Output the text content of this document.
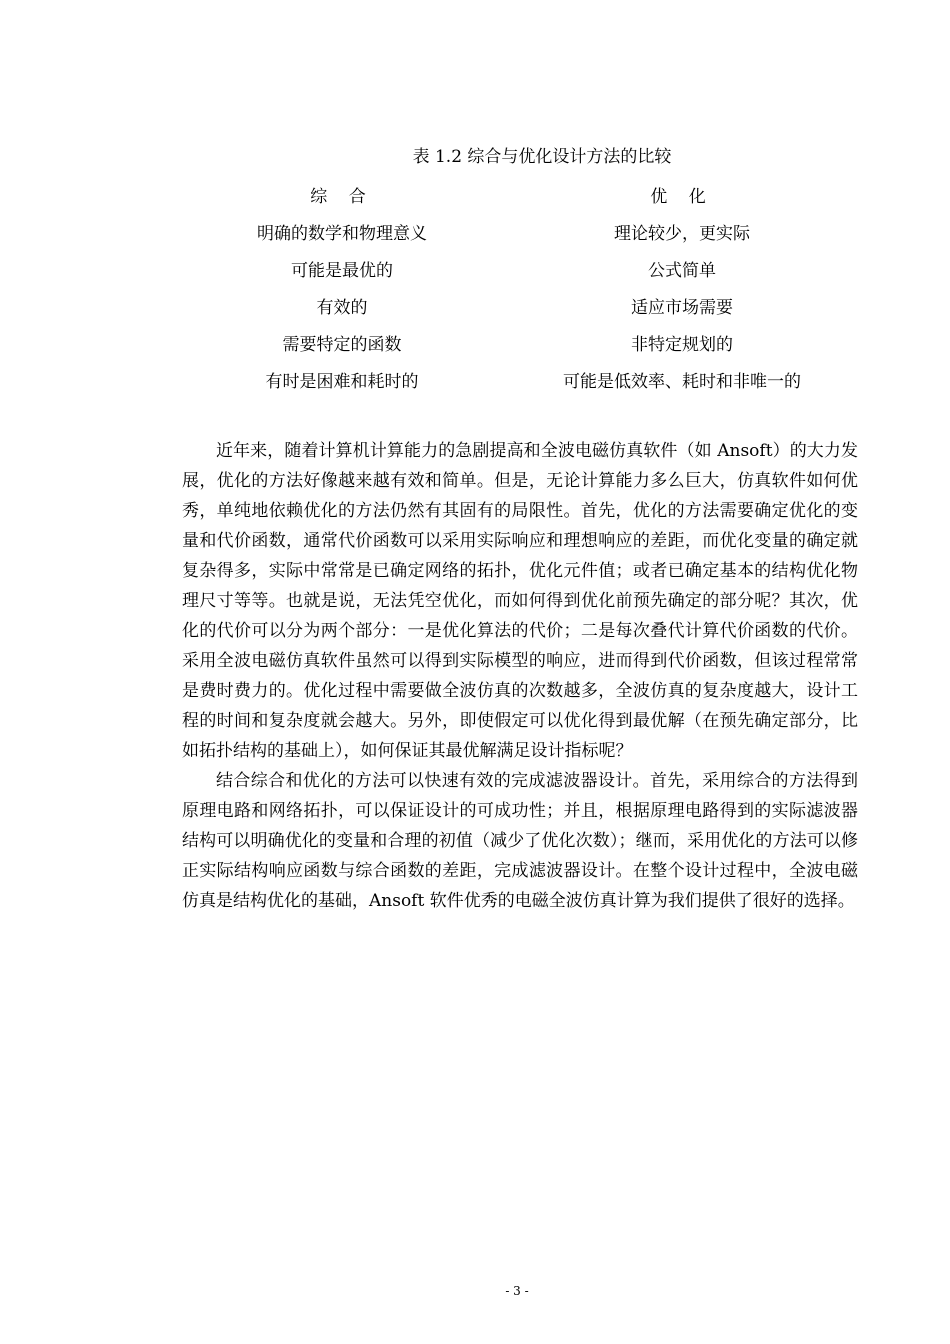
表 1.2 综合与优化设计方法的比较
综 合	优 化
明确的数学和物理意义	理论较少，更实际
可能是最优的	公式简单
有效的	适应市场需要
需要特定的函数	非特定规划的
有时是困难和耗时的	可能是低效率、耗时和非唯一的

近年来，随着计算机计算能力的急剧提高和全波电磁仿真软件（如 Ansoft）的大力发展，优化的方法好像越来越有效和简单。但是，无论计算能力多么巨大，仿真软件如何优秀，单纯地依赖优化的方法仍然有其固有的局限性。首先，优化的方法需要确定优化的变量和代价函数，通常代价函数可以采用实际响应和理想响应的差距，而优化变量的确定就复杂得多，实际中常常是已确定网络的拓扑，优化元件值；或者已确定基本的结构优化物理尺寸等等。也就是说，无法凭空优化，而如何得到优化前预先确定的部分呢？其次，优化的代价可以分为两个部分：一是优化算法的代价；二是每次叠代计算代价函数的代价。采用全波电磁仿真软件虽然可以得到实际模型的响应，进而得到代价函数，但该过程常常是费时费力的。优化过程中需要做全波仿真的次数越多，全波仿真的复杂度越大，设计工程的时间和复杂度就会越大。另外，即使假定可以优化得到最优解（在预先确定部分，比如拓扑结构的基础上），如何保证其最优解满足设计指标呢？

结合综合和优化的方法可以快速有效的完成滤波器设计。首先，采用综合的方法得到原理电路和网络拓扑，可以保证设计的可成功性；并且，根据原理电路得到的实际滤波器结构可以明确优化的变量和合理的初值（减少了优化次数）；继而，采用优化的方法可以修正实际结构响应函数与综合函数的差距，完成滤波器设计。在整个设计过程中，全波电磁仿真是结构优化的基础，Ansoft 软件优秀的电磁全波仿真计算为我们提供了很好的选择。

- 3 -
